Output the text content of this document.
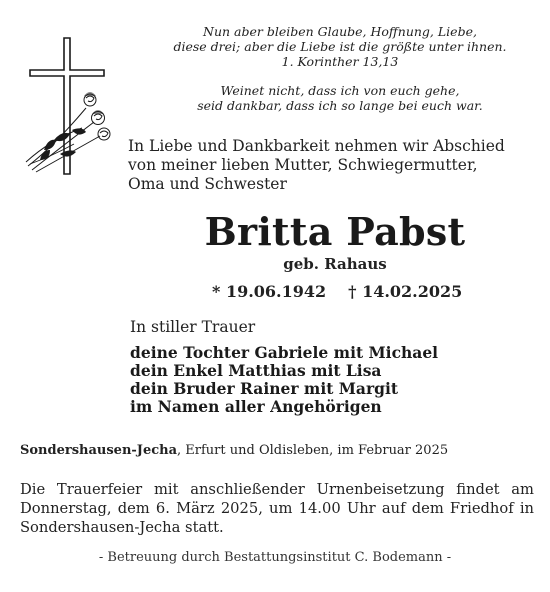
Nun aber bleiben Glaube, Hoffnung, Liebe,
diese drei; aber die Liebe ist die größte unter ihnen.
1. Korinther 13,13
Weinet nicht, dass ich von euch gehe,
seid dankbar, dass ich so lange bei euch war.
In Liebe und Dankbarkeit nehmen wir Abschied
von meiner lieben Mutter, Schwiegermutter,
Oma und Schwester
Britta Pabst
geb. Rahaus
* 19.06.1942 † 14.02.2025
In stiller Trauer
deine Tochter Gabriele mit Michael
dein Enkel Matthias mit Lisa
dein Bruder Rainer mit Margit
im Namen aller Angehörigen
Sondershausen-Jecha, Erfurt und Oldisleben, im Februar 2025
Die Trauerfeier mit anschließender Urnenbeisetzung findet am Donnerstag, dem 6. März 2025, um 14.00 Uhr auf dem Friedhof in Sondershausen-Jecha statt.
- Betreuung durch Bestattungsinstitut C. Bodemann -
